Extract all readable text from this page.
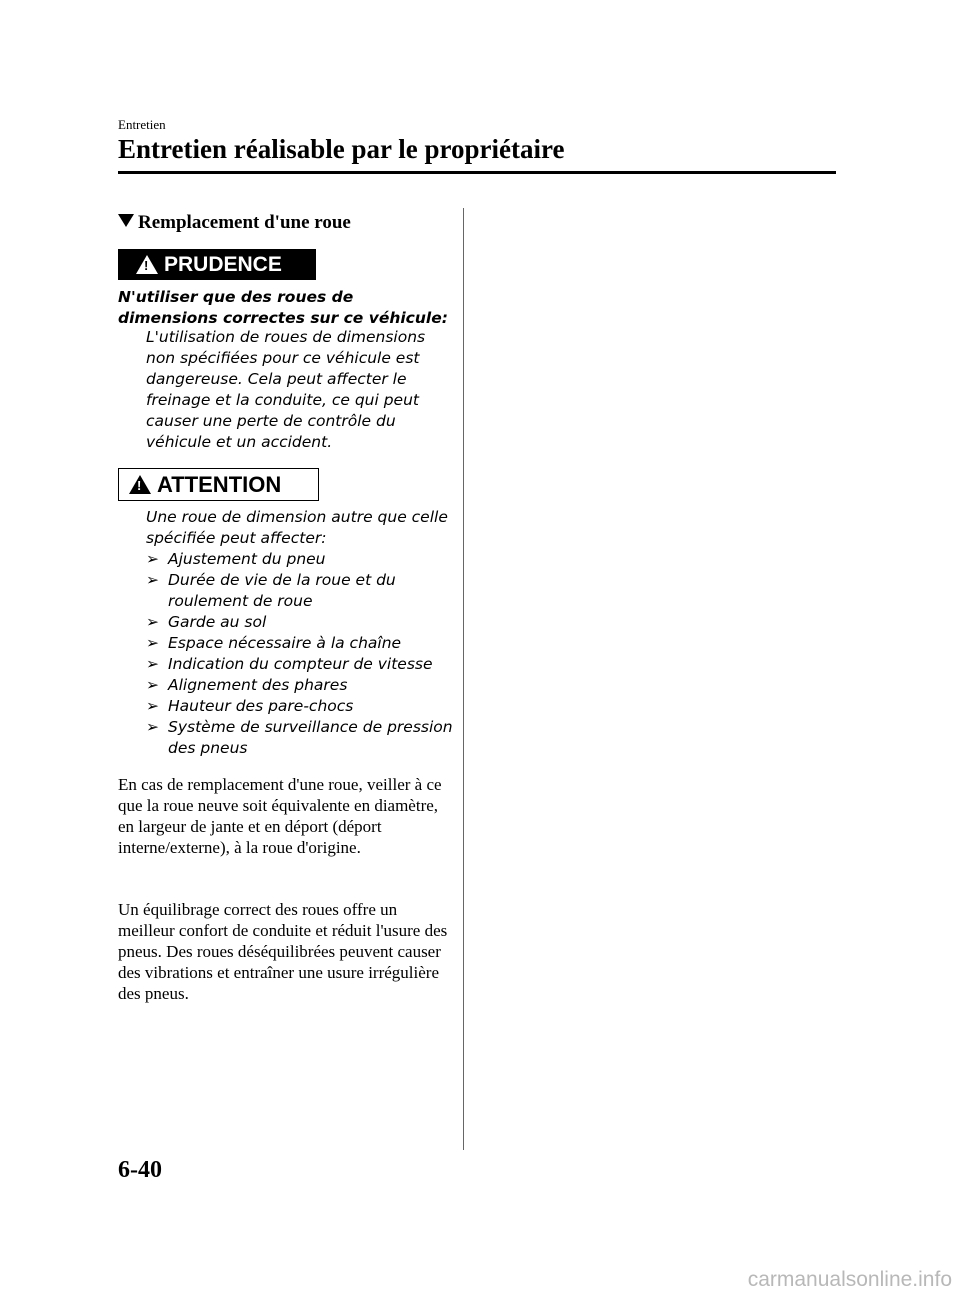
Entretien
Entretien réalisable par le propriétaire
Remplacement d'une roue
!
PRUDENCE
N'utiliser que des roues de dimensions correctes sur ce véhicule:
L'utilisation de roues de dimensions non spécifiées pour ce véhicule est dangereuse. Cela peut affecter le freinage et la conduite, ce qui peut causer une perte de contrôle du véhicule et un accident.
!
ATTENTION
Une roue de dimension autre que celle spécifiée peut affecter:
➢ Ajustement du pneu
➢ Durée de vie de la roue et du roulement de roue
➢ Garde au sol
➢ Espace nécessaire à la chaîne
➢ Indication du compteur de vitesse
➢ Alignement des phares
➢ Hauteur des pare-chocs
➢ Système de surveillance de pression des pneus
En cas de remplacement d'une roue, veiller à ce que la roue neuve soit équivalente en diamètre, en largeur de jante et en déport (déport interne/externe), à la roue d'origine.
Un équilibrage correct des roues offre un meilleur confort de conduite et réduit l'usure des pneus. Des roues déséquilibrées peuvent causer des vibrations et entraîner une usure irrégulière des pneus.
6-40
carmanualsonline.info
